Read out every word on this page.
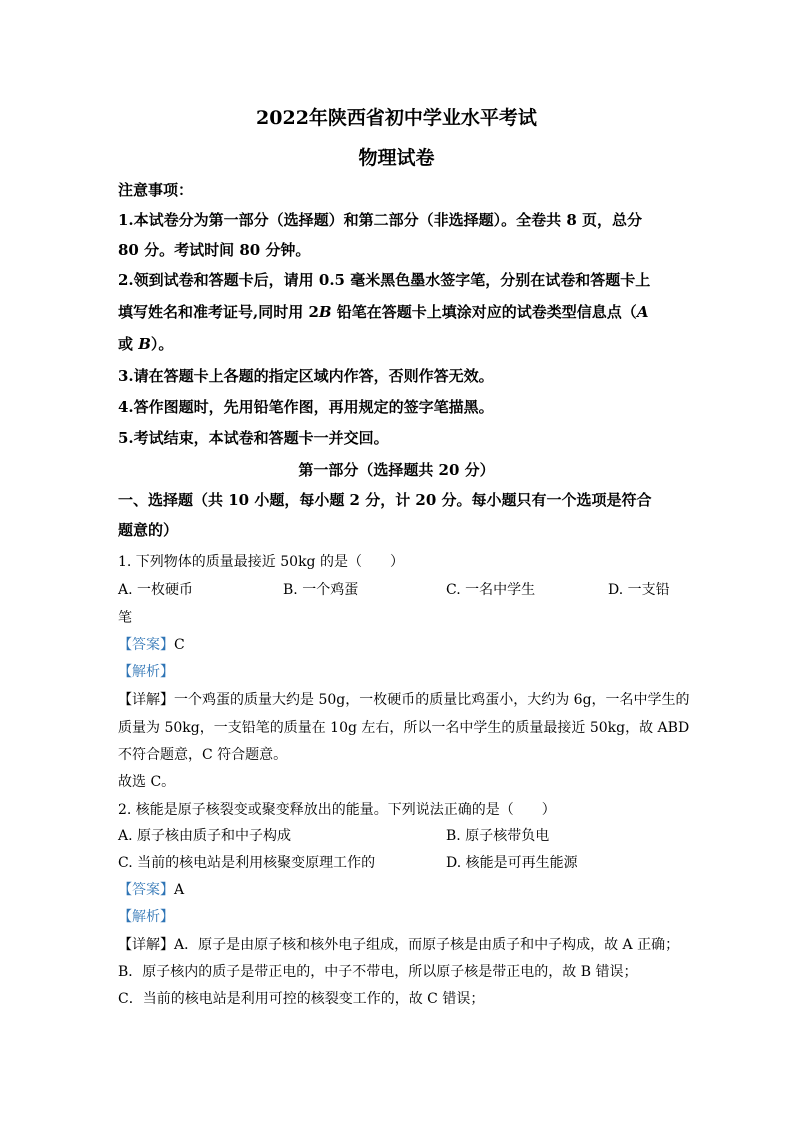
2022年陕西省初中学业水平考试
物理试卷
注意事项：
1.本试卷分为第一部分（选择题）和第二部分（非选择题）。全卷共 8 页，总分
80 分。考试时间 80 分钟。
2.领到试卷和答题卡后，请用 0.5 毫米黑色墨水签字笔，分别在试卷和答题卡上
填写姓名和准考证号,同时用 2B 铅笔在答题卡上填涂对应的试卷类型信息点（A
或 B）。
3.请在答题卡上各题的指定区域内作答，否则作答无效。
4.答作图题时，先用铅笔作图，再用规定的签字笔描黑。
5.考试结束，本试卷和答题卡一并交回。
第一部分（选择题共 20 分）
一、选择题（共 10 小题，每小题 2 分，计 20 分。每小题只有一个选项是符合
题意的）
1. 下列物体的质量最接近 50kg 的是（　　）
A. 一枚硬币	B. 一个鸡蛋	C. 一名中学生	D. 一支铅
笔
【答案】C
【解析】
【详解】一个鸡蛋的质量大约是 50g，一枚硬币的质量比鸡蛋小，大约为 6g，一名中学生的
质量为 50kg，一支铅笔的质量在 10g 左右，所以一名中学生的质量最接近 50kg，故 ABD
不符合题意，C 符合题意。
故选 C。
2. 核能是原子核裂变或聚变释放出的能量。下列说法正确的是（　　）
A. 原子核由质子和中子构成	B. 原子核带负电
C. 当前的核电站是利用核聚变原理工作的	D. 核能是可再生能源
【答案】A
【解析】
【详解】A．原子是由原子核和核外电子组成，而原子核是由质子和中子构成，故 A 正确；
B．原子核内的质子是带正电的，中子不带电，所以原子核是带正电的，故 B 错误；
C．当前的核电站是利用可控的核裂变工作的，故 C 错误；
